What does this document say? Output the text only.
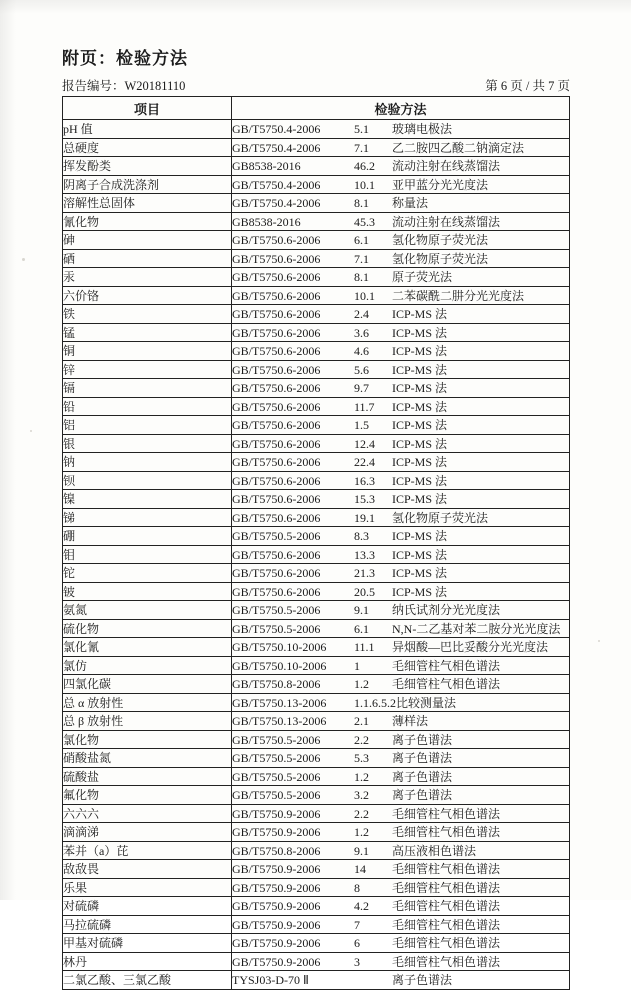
附页：检验方法
报告编号：W20181110	第 6 页 / 共 7 页
项目	检验方法
pH 值	GB/T5750.4-2006 5.1 玻璃电极法
总硬度	GB/T5750.4-2006 7.1 乙二胺四乙酸二钠滴定法
挥发酚类	GB8538-2016 46.2 流动注射在线蒸馏法
阴离子合成洗涤剂	GB/T5750.4-2006 10.1 亚甲蓝分光光度法
溶解性总固体	GB/T5750.4-2006 8.1 称量法
氰化物	GB8538-2016 45.3 流动注射在线蒸馏法
砷	GB/T5750.6-2006 6.1 氢化物原子荧光法
硒	GB/T5750.6-2006 7.1 氢化物原子荧光法
汞	GB/T5750.6-2006 8.1 原子荧光法
六价铬	GB/T5750.6-2006 10.1 二苯碳酰二肼分光光度法
铁	GB/T5750.6-2006 2.4 ICP-MS 法
锰	GB/T5750.6-2006 3.6 ICP-MS 法
铜	GB/T5750.6-2006 4.6 ICP-MS 法
锌	GB/T5750.6-2006 5.6 ICP-MS 法
镉	GB/T5750.6-2006 9.7 ICP-MS 法
铅	GB/T5750.6-2006 11.7 ICP-MS 法
铝	GB/T5750.6-2006 1.5 ICP-MS 法
银	GB/T5750.6-2006 12.4 ICP-MS 法
钠	GB/T5750.6-2006 22.4 ICP-MS 法
钡	GB/T5750.6-2006 16.3 ICP-MS 法
镍	GB/T5750.6-2006 15.3 ICP-MS 法
锑	GB/T5750.6-2006 19.1 氢化物原子荧光法
硼	GB/T5750.5-2006 8.3 ICP-MS 法
钼	GB/T5750.6-2006 13.3 ICP-MS 法
铊	GB/T5750.6-2006 21.3 ICP-MS 法
铍	GB/T5750.6-2006 20.5 ICP-MS 法
氨氮	GB/T5750.5-2006 9.1 纳氏试剂分光光度法
硫化物	GB/T5750.5-2006 6.1 N,N-二乙基对苯二胺分光光度法
氯化氰	GB/T5750.10-2006 11.1 异烟酸—巴比妥酸分光光度法
氯仿	GB/T5750.10-2006 1 毛细管柱气相色谱法
四氯化碳	GB/T5750.8-2006 1.2 毛细管柱气相色谱法
总 α 放射性	GB/T5750.13-2006 1.1.6.5.2比较测量法
总 β 放射性	GB/T5750.13-2006 2.1 薄样法
氯化物	GB/T5750.5-2006 2.2 离子色谱法
硝酸盐氮	GB/T5750.5-2006 5.3 离子色谱法
硫酸盐	GB/T5750.5-2006 1.2 离子色谱法
氟化物	GB/T5750.5-2006 3.2 离子色谱法
六六六	GB/T5750.9-2006 2.2 毛细管柱气相色谱法
滴滴涕	GB/T5750.9-2006 1.2 毛细管柱气相色谱法
苯并（a）芘	GB/T5750.8-2006 9.1 高压液相色谱法
敌敌畏	GB/T5750.9-2006 14 毛细管柱气相色谱法
乐果	GB/T5750.9-2006 8 毛细管柱气相色谱法
对硫磷	GB/T5750.9-2006 4.2 毛细管柱气相色谱法
马拉硫磷	GB/T5750.9-2006 7 毛细管柱气相色谱法
甲基对硫磷	GB/T5750.9-2006 6 毛细管柱气相色谱法
林丹	GB/T5750.9-2006 3 毛细管柱气相色谱法
二氯乙酸、三氯乙酸	TYSJ03-D-70 Ⅱ 离子色谱法
